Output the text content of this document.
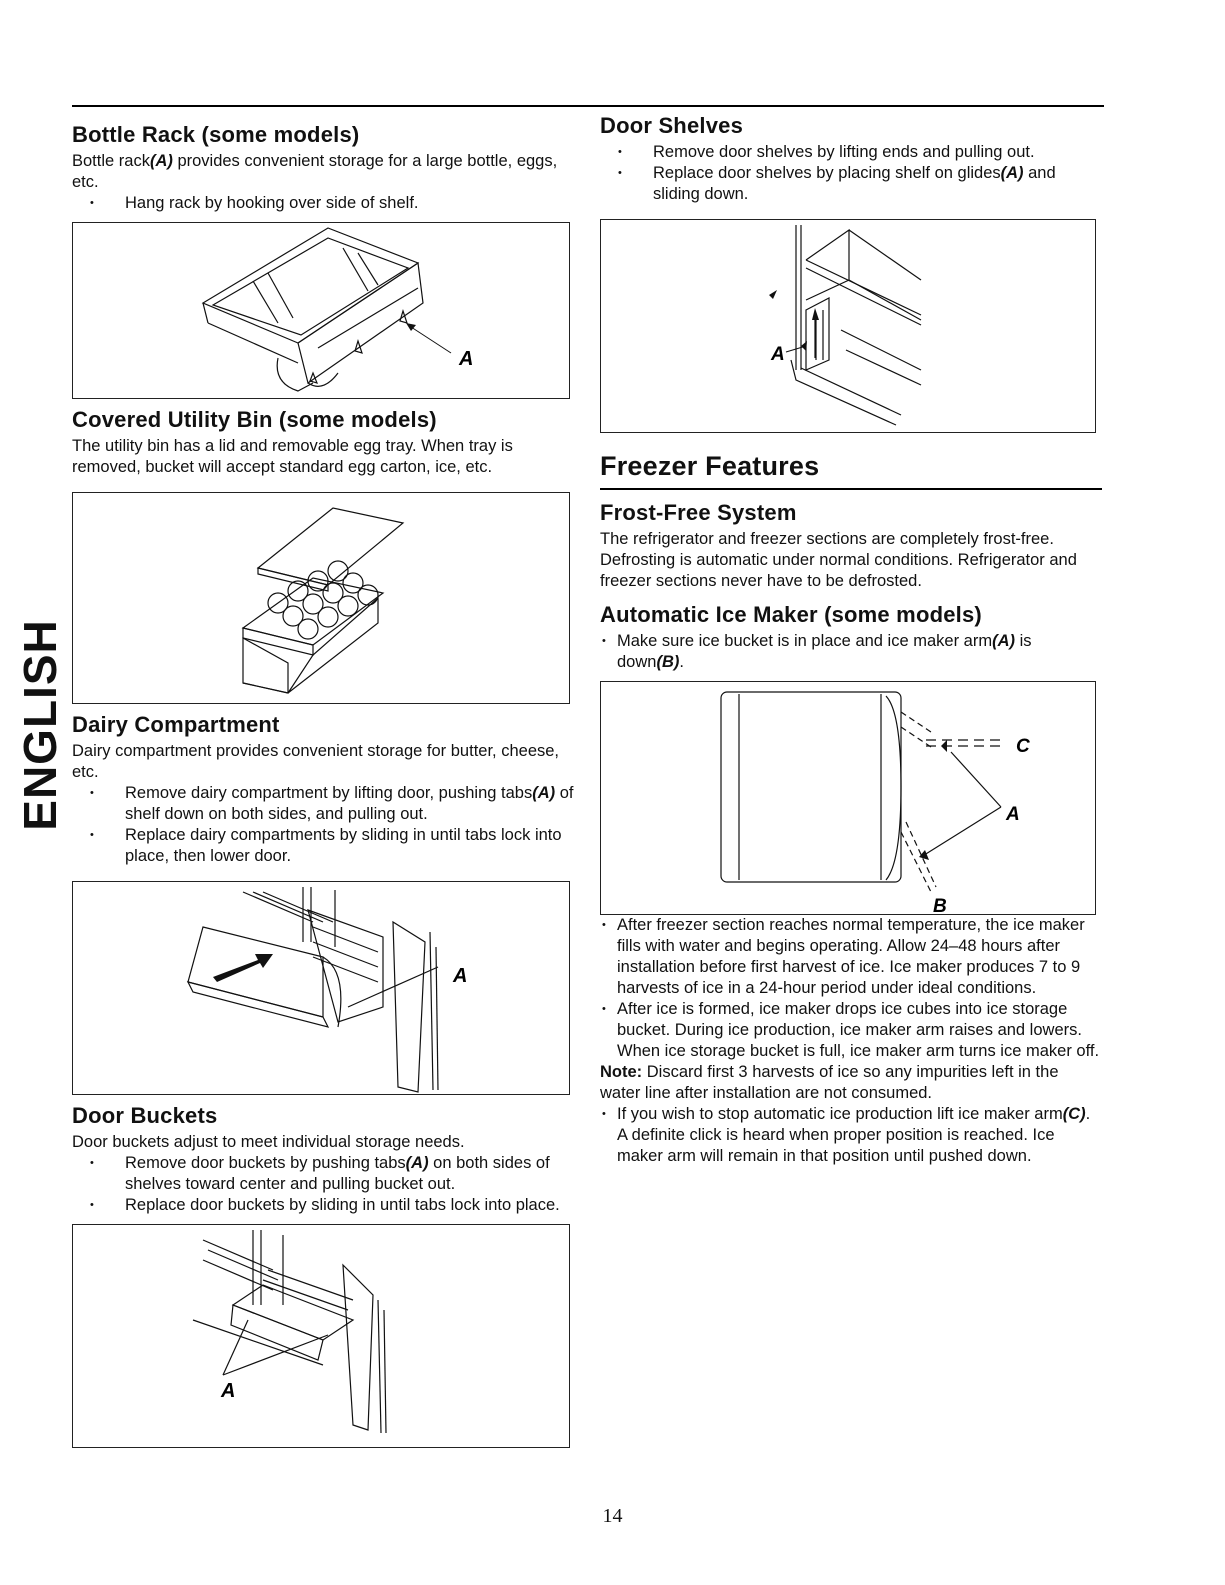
ENGLISH
Bottle Rack (some models)

Bottle rack(A) provides convenient storage for a large bottle, eggs, etc.

• Hang rack by hooking over side of shelf.
A
Covered Utility Bin (some models)

The utility bin has a lid and removable egg tray. When tray is removed, bucket will accept standard egg carton, ice, etc.

Dairy Compartment

Dairy compartment provides convenient storage for butter, cheese, etc.

• Remove dairy compartment by lifting door, pushing tabs(A) of shelf down on both sides, and pulling out.
• Replace dairy compartments by sliding in until tabs lock into place, then lower door.
A
Door Buckets

Door buckets adjust to meet individual storage needs.

• Remove door buckets by pushing tabs(A) on both sides of shelves toward center and pulling bucket out.
• Replace door buckets by sliding in until tabs lock into place.
A
Door Shelves
• Remove door shelves by lifting ends and pulling out.
• Replace door shelves by placing shelf on glides(A) and sliding down.
A
Freezer Features
Frost-Free System

The refrigerator and freezer sections are completely frost-free. Defrosting is automatic under normal conditions. Refrigerator and freezer sections never have to be defrosted.

Automatic Ice Maker (some models)
• Make sure ice bucket is in place and ice maker arm(A) is down(B).
C
A
B
• After freezer section reaches normal temperature, the ice maker fills with water and begins operating. Allow 24–48 hours after installation before first harvest of ice. Ice maker produces 7 to 9 harvests of ice in a 24-hour period under ideal conditions.
• After ice is formed, ice maker drops ice cubes into ice storage bucket. During ice production, ice maker arm raises and lowers. When ice storage bucket is full, ice maker arm turns ice maker off.

Note: Discard first 3 harvests of ice so any impurities left in the water line after installation are not consumed.

• If you wish to stop automatic ice production lift ice maker arm(C). A definite click is heard when proper position is reached. Ice maker arm will remain in that position until pushed down.
14
